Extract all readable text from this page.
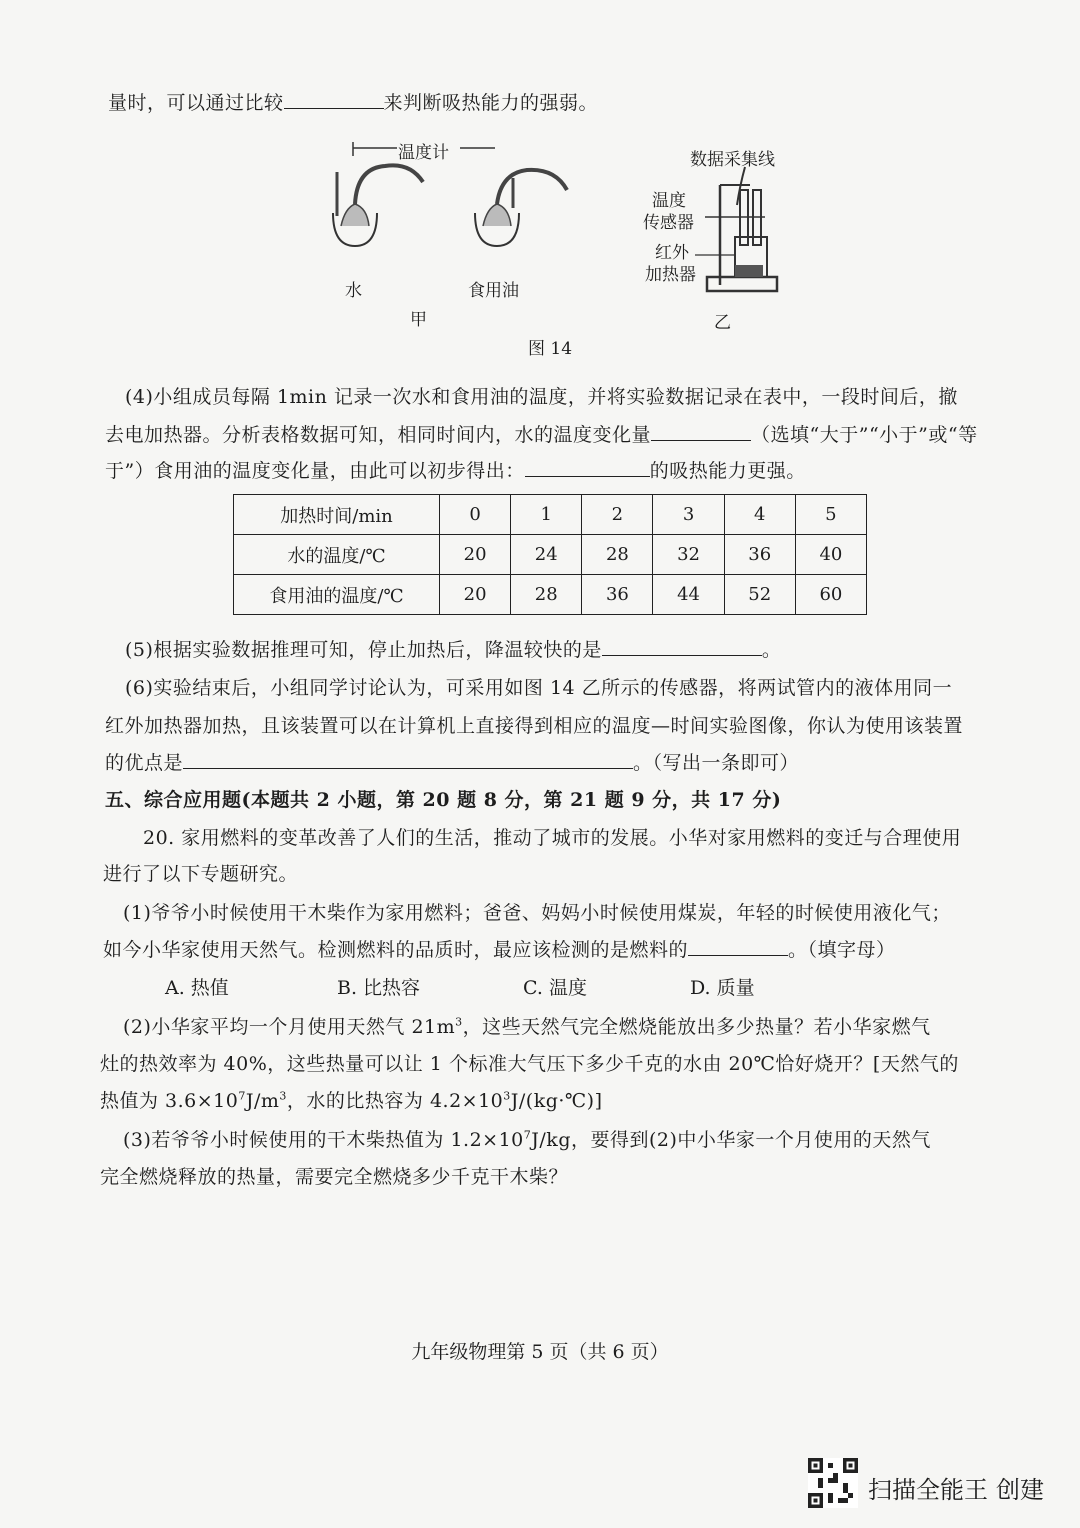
量时，可以通过比较	来判断吸热能力的强弱。
温度计
水	食用油
甲
数据采集线
温度
传感器
红外
加热器
乙
图 14
(4)小组成员每隔 1min 记录一次水和食用油的温度，并将实验数据记录在表中，一段时间后，撤
去电加热器。分析表格数据可知，相同时间内，水的温度变化量	（选填“大于”“小于”或“等
于”）食用油的温度变化量，由此可以初步得出：	的吸热能力更强。
加热时间/min	0	1	2	3	4	5
水的温度/℃	20	24	28	32	36	40
食用油的温度/℃	20	28	36	44	52	60
(5)根据实验数据推理可知，停止加热后，降温较快的是	。
(6)实验结束后，小组同学讨论认为，可采用如图 14 乙所示的传感器，将两试管内的液体用同一
红外加热器加热，且该装置可以在计算机上直接得到相应的温度—时间实验图像，你认为使用该装置
的优点是	。（写出一条即可）
五、综合应用题(本题共 2 小题，第 20 题 8 分，第 21 题 9 分，共 17 分)
20. 家用燃料的变革改善了人们的生活，推动了城市的发展。小华对家用燃料的变迁与合理使用
进行了以下专题研究。
(1)爷爷小时候使用干木柴作为家用燃料；爸爸、妈妈小时候使用煤炭，年轻的时候使用液化气；
如今小华家使用天然气。检测燃料的品质时，最应该检测的是燃料的	。（填字母）
A. 热值	B. 比热容	C. 温度	D. 质量
(2)小华家平均一个月使用天然气 $21m^3$，这些天然气完全燃烧能放出多少热量？若小华家燃气
灶的热效率为 40%，这些热量可以让 1 个标准大气压下多少千克的水由 20℃恰好烧开？[天然气的
热值为 $3.6\times 10^7J/m^3$，水的比热容为 $4.2\times 10^3J/(kg\cdot℃)$]
(3)若爷爷小时候使用的干木柴热值为 $1.2\times 10^7J/kg$，要得到(2)中小华家一个月使用的天然气
完全燃烧释放的热量，需要完全燃烧多少千克干木柴？
九年级物理第 5 页（共 6 页）
扫描全能王 创建
